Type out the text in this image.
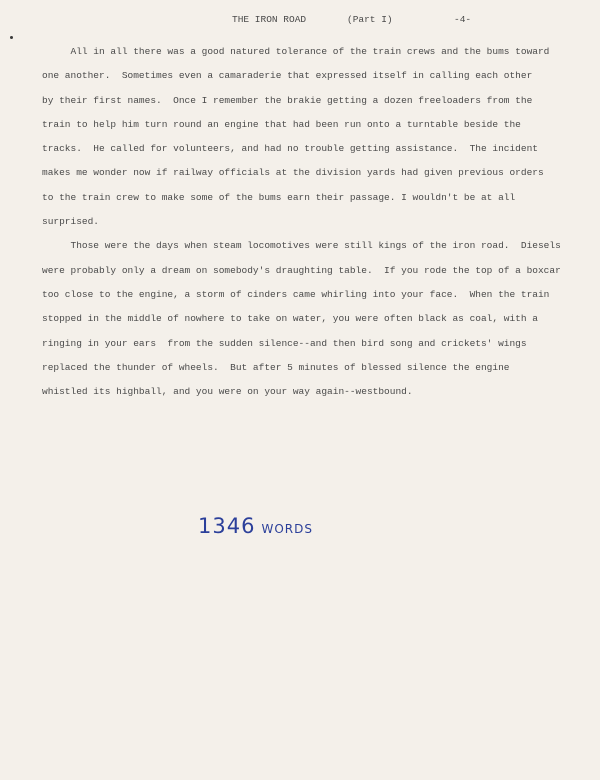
THE IRON ROAD	(Part I)	-4-

All in all there was a good natured tolerance of the train crews and the bums toward

one another.  Sometimes even a camaraderie that expressed itself in calling each other

by their first names.  Once I remember the brakie getting a dozen freeloaders from the

train to help him turn round an engine that had been run onto a turntable beside the

tracks.  He called for volunteers, and had no trouble getting assistance.  The incident

makes me wonder now if railway officials at the division yards had given previous orders

to the train crew to make some of the bums earn their passage. I wouldn't be at all

surprised.

Those were the days when steam locomotives were still kings of the iron road.  Diesels

were probably only a dream on somebody's draughting table.  If you rode the top of a boxcar

too close to the engine, a storm of cinders came whirling into your face.  When the train

stopped in the middle of nowhere to take on water, you were often black as coal, with a

ringing in your ears  from the sudden silence--and then bird song and crickets' wings

replaced the thunder of wheels.  But after 5 minutes of blessed silence the engine

whistled its highball, and you were on your way again--westbound.

1346 WORDS
